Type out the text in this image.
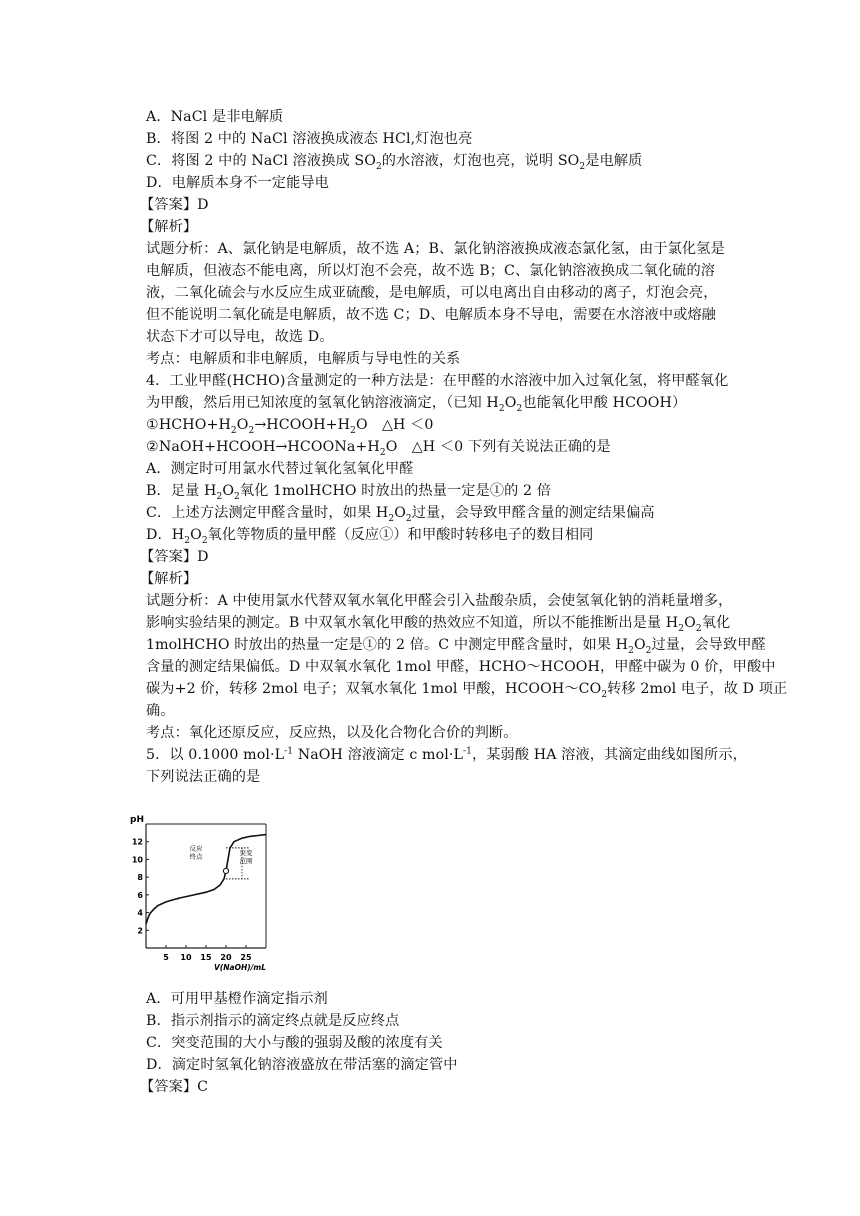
A．NaCl 是非电解质
B．将图 2 中的 NaCl 溶液换成液态 HCl,灯泡也亮
C．将图 2 中的 NaCl 溶液换成 $SO_2$的水溶液，灯泡也亮，说明 $SO_2$是电解质
D．电解质本身不一定能导电
【答案】D
【解析】
试题分析：A、氯化钠是电解质，故不选 A；B、氯化钠溶液换成液态氯化氢，由于氯化氢是
电解质，但液态不能电离，所以灯泡不会亮，故不选 B；C、氯化钠溶液换成二氧化硫的溶
液，二氧化硫会与水反应生成亚硫酸，是电解质，可以电离出自由移动的离子，灯泡会亮，
但不能说明二氧化硫是电解质，故不选 C；D、电解质本身不导电，需要在水溶液中或熔融
状态下才可以导电，故选 D。
考点：电解质和非电解质，电解质与导电性的关系
4．工业甲醛(HCHO)含量测定的一种方法是：在甲醛的水溶液中加入过氧化氢，将甲醛氧化
为甲酸，然后用已知浓度的氢氧化钠溶液滴定，（已知 $H_2O_2$也能氧化甲酸 HCOOH）
$①HCHO+H_2O_2\to HCOOH+H_2O$　△H ＜0
$②NaOH+HCOOH\to HCOONa+H_2O$　△H ＜0 下列有关说法正确的是
A．测定时可用氯水代替过氧化氢氧化甲醛
B．足量 $H_2O_2$氧化 1molHCHO 时放出的热量一定是①的 2 倍
C．上述方法测定甲醛含量时，如果 $H_2O_2$过量，会导致甲醛含量的测定结果偏高
D．$H_2O_2$氧化等物质的量甲醛（反应①）和甲酸时转移电子的数目相同
【答案】D
【解析】
试题分析：A 中使用氯水代替双氧水氧化甲醛会引入盐酸杂质，会使氢氧化钠的消耗量增多，
影响实验结果的测定。B 中双氧水氧化甲酸的热效应不知道，所以不能推断出是量 $H_2O_2$氧化
1molHCHO 时放出的热量一定是①的 2 倍。C 中测定甲醛含量时，如果 $H_2O_2$过量，会导致甲醛
含量的测定结果偏低。D 中双氧水氧化 1mol 甲醛，HCHO～HCOOH，甲醛中碳为 0 价，甲酸中
碳为+2 价，转移 2mol 电子；双氧水氧化 1mol 甲酸，$HCOOH\sim CO_2$转移 2mol 电子，故 D 项正
确。
考点：氧化还原反应，反应热，以及化合物化合价的判断。
5．以 0.1000 $mol\cdot L^{-1}$ NaOH 溶液滴定 c $mol\cdot L^{-1}$，某弱酸 HA 溶液，其滴定曲线如图所示，
下列说法正确的是
pH
V(NaOH)/mL
2
4
6
8
10
12
5 10 15 20 25
反应
终点	突变
范围
A．可用甲基橙作滴定指示剂
B．指示剂指示的滴定终点就是反应终点
C．突变范围的大小与酸的强弱及酸的浓度有关
D．滴定时氢氧化钠溶液盛放在带活塞的滴定管中
【答案】C
